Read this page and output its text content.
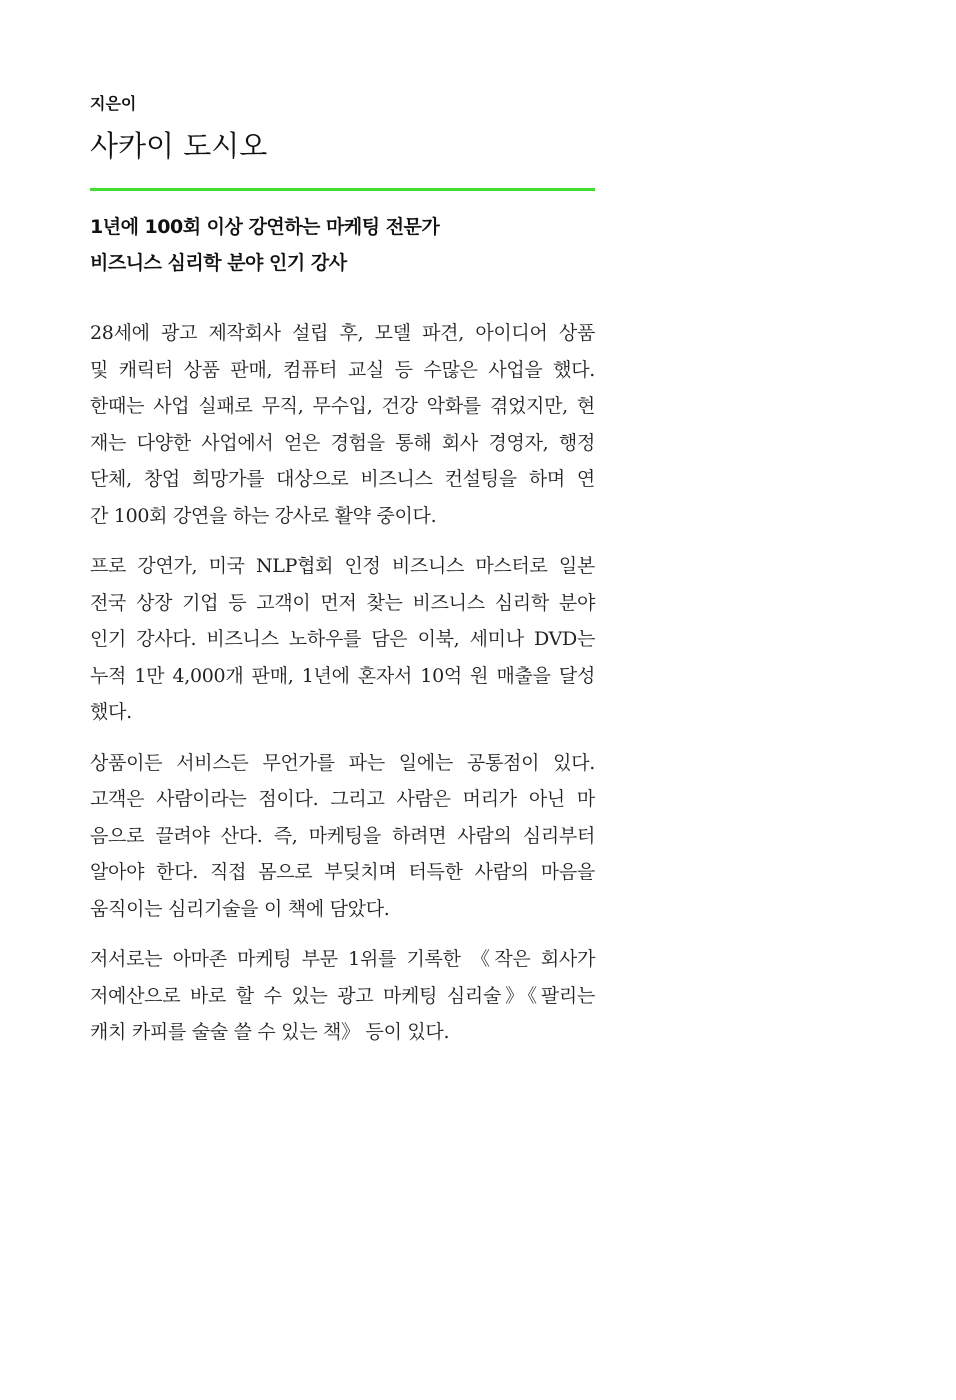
지은이

사카이 도시오

1년에 100회 이상 강연하는 마케팅 전문가

비즈니스 심리학 분야 인기 강사

28세에 광고 제작회사 설립 후, 모델 파견, 아이디어 상품
및 캐릭터 상품 판매, 컴퓨터 교실 등 수많은 사업을 했다.
한때는 사업 실패로 무직, 무수입, 건강 악화를 겪었지만, 현
재는 다양한 사업에서 얻은 경험을 통해 회사 경영자, 행정
단체, 창업 희망가를 대상으로 비즈니스 컨설팅을 하며 연
간 100회 강연을 하는 강사로 활약 중이다.

프로 강연가, 미국 NLP협회 인정 비즈니스 마스터로 일본
전국 상장 기업 등 고객이 먼저 찾는 비즈니스 심리학 분야
인기 강사다. 비즈니스 노하우를 담은 이북, 세미나 DVD는
누적 1만 4,000개 판매, 1년에 혼자서 10억 원 매출을 달성
했다.

상품이든 서비스든 무언가를 파는 일에는 공통점이 있다.
고객은 사람이라는 점이다. 그리고 사람은 머리가 아닌 마
음으로 끌려야 산다. 즉, 마케팅을 하려면 사람의 심리부터
알아야 한다. 직접 몸으로 부딪치며 터득한 사람의 마음을
움직이는 심리기술을 이 책에 담았다.

저서로는 아마존 마케팅 부문 1위를 기록한 《작은 회사가
저예산으로 바로 할 수 있는 광고 마케팅 심리술》《팔리는
캐치 카피를 술술 쓸 수 있는 책》 등이 있다.
